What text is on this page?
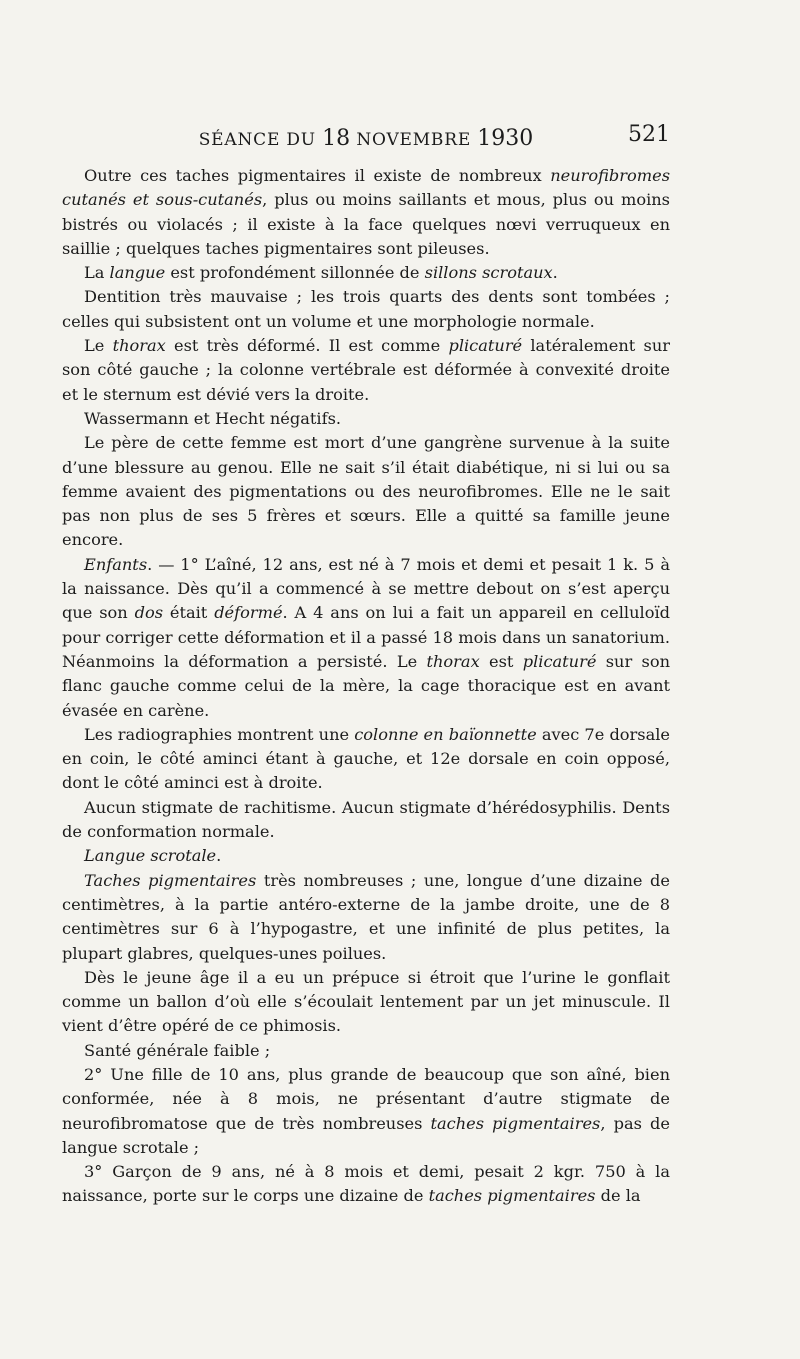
SÉANCE DU 18 NOVEMBRE 1930	521

Outre ces taches pigmentaires il existe de nombreux neurofibromes cutanés et sous-cutanés, plus ou moins saillants et mous, plus ou moins bistrés ou violacés ; il existe à la face quelques nœvi verruqueux en saillie ; quelques taches pigmentaires sont pileuses.

La langue est profondément sillonnée de sillons scrotaux.

Dentition très mauvaise ; les trois quarts des dents sont tombées ; celles qui subsistent ont un volume et une morphologie normale.

Le thorax est très déformé. Il est comme plicaturé latéralement sur son côté gauche ; la colonne vertébrale est déformée à convexité droite et le sternum est dévié vers la droite.

Wassermann et Hecht négatifs.

Le père de cette femme est mort d’une gangrène survenue à la suite d’une blessure au genou. Elle ne sait s’il était diabétique, ni si lui ou sa femme avaient des pigmentations ou des neurofibromes. Elle ne le sait pas non plus de ses 5 frères et sœurs. Elle a quitté sa famille jeune encore.

Enfants. — 1° L’aîné, 12 ans, est né à 7 mois et demi et pesait 1 k. 5 à la naissance. Dès qu’il a commencé à se mettre debout on s’est aperçu que son dos était déformé. A 4 ans on lui a fait un appareil en celluloïd pour corriger cette déformation et il a passé 18 mois dans un sanatorium. Néanmoins la déformation a persisté. Le thorax est plicaturé sur son flanc gauche comme celui de la mère, la cage thoracique est en avant évasée en carène.

Les radiographies montrent une colonne en baïonnette avec 7e dorsale en coin, le côté aminci étant à gauche, et 12e dorsale en coin opposé, dont le côté aminci est à droite.

Aucun stigmate de rachitisme. Aucun stigmate d’hérédosyphilis. Dents de conformation normale.

Langue scrotale.

Taches pigmentaires très nombreuses ; une, longue d’une dizaine de centimètres, à la partie antéro-externe de la jambe droite, une de 8 centimètres sur 6 à l’hypogastre, et une infinité de plus petites, la plupart glabres, quelques-unes poilues.

Dès le jeune âge il a eu un prépuce si étroit que l’urine le gonflait comme un ballon d’où elle s’écoulait lentement par un jet minuscule. Il vient d’être opéré de ce phimosis.

Santé générale faible ;

2° Une fille de 10 ans, plus grande de beaucoup que son aîné, bien conformée, née à 8 mois, ne présentant d’autre stigmate de neurofibromatose que de très nombreuses taches pigmentaires, pas de langue scrotale ;

3° Garçon de 9 ans, né à 8 mois et demi, pesait 2 kgr. 750 à la naissance, porte sur le corps une dizaine de taches pigmentaires de la
